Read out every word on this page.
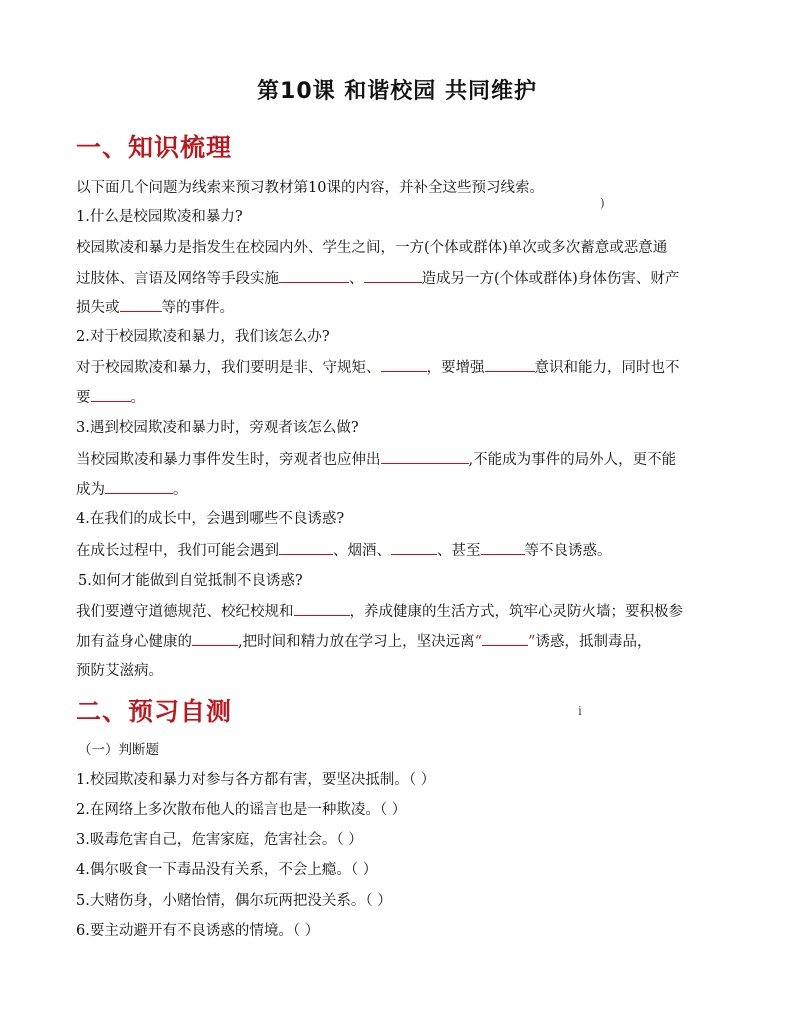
第10课 和谐校园 共同维护
一、知识梳理
以下面几个问题为线索来预习教材第10课的内容，并补全这些预习线索。
)
1.什么是校园欺凌和暴力?
校园欺凌和暴力是指发生在校园内外、学生之间，一方(个体或群体)单次或多次蓄意或恶意通
过肢体、言语及网络等手段实施	、	造成另一方(个体或群体)身体伤害、财产
损失或	等的事件。
2.对于校园欺凌和暴力，我们该怎么办?
对于校园欺凌和暴力，我们要明是非、守规矩、	，要增强	意识和能力，同时也不
要	。
3.遇到校园欺凌和暴力时，旁观者该怎么做?
当校园欺凌和暴力事件发生时，旁观者也应伸出	,不能成为事件的局外人，更不能
成为	。
4.在我们的成长中，会遇到哪些不良诱惑?
在成长过程中，我们可能会遇到	、烟酒、	、甚至	等不良诱惑。
5.如何才能做到自觉抵制不良诱惑?
我们要遵守道德规范、校纪校规和	，养成健康的生活方式，筑牢心灵防火墙；要积极参
加有益身心健康的	,把时间和精力放在学习上，坚决远离“	”诱惑，抵制毒品，
预防艾滋病。
二、预习自测	i
（一）判断题
1.校园欺凌和暴力对参与各方都有害，要坚决抵制。（ ）
2.在网络上多次散布他人的谣言也是一种欺凌。（ ）
3.吸毒危害自己，危害家庭，危害社会。（ ）
4.偶尔吸食一下毒品没有关系，不会上瘾。（ ）
5.大赌伤身，小赌怡情，偶尔玩两把没关系。（ ）
6.要主动避开有不良诱惑的情境。（ ）
